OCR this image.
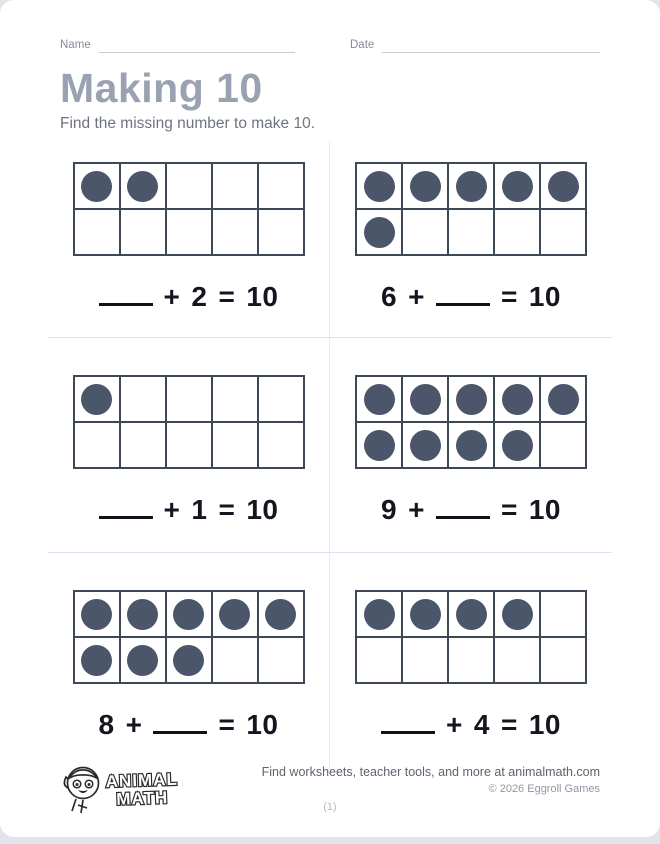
Name	Date
Making 10
Find the missing number to make 10.
+ 2 = 10	6 +	= 10
+ 1 = 10	9 +	= 10
8 +	= 10	+ 4 = 10
ANIMAL
MATH
Find worksheets, teacher tools, and more at animalmath.com
© 2026 Eggroll Games
(1)
